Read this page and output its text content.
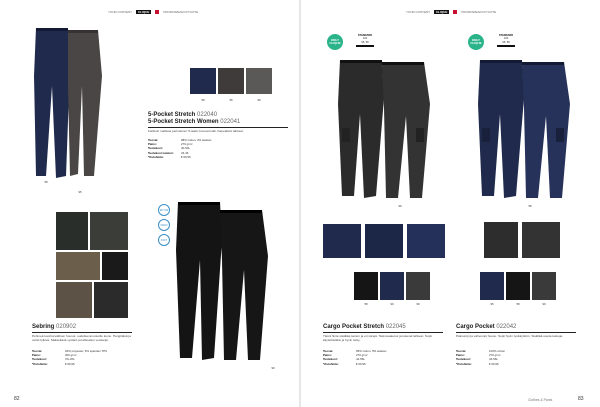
YOUR CONTENT	CLIQUE	PROMOWEAR.FI/TUOTE	YOUR CONTENT	CLIQUE	PROMOWEAR.FI/TUOTE
58
95
58	95	99
5-Pocket Stretch 022040
5-Pocket Stretch Women 022041
Farkkuri mallissa perinteinen 5-tasku housunmalli. Kapeahkot lahkeet.
Tuoste:	98% cotton, 2% elastan
Paino:	270 g/m²
Tuotekoot:	40-50L
Tuotekoot naisten:	34-46
*Ostohinta:	€ 69,95
EN 343
OEKO
SOFT
99
Sebring 020902
Pehmeä kuoriturvallinen housut, uudelleenmuotoiltu kuvio. Hengittävä ja vettä hylkivä. Säädettävä vyötärö ja lahkeiden vetoketju.
Tuoste:	94% polyester, 6% spandex TPU
Paino:	300 g/m²
Tuotekoot:	XS-3XL
*Ostohinta:	€ 99,95
82
ONLY CLIQUE
STANDARD
100
95, 58
ONLY CLIQUE
STANDARD
100
95, 58
99	58
58	99	99	95	58	99
Cargo Pocket Stretch 022045
Tämä hinta sisältää painon ja eri värejä. Taskuvaatetus ja tukevat lahkeet. Sopii käytettäväksi ja hyvin tehty.
Tuoste:	95% cotton, 5% elastan
Paino:	270 g/m²
Tuotekoot:	44-56L
*Ostohinta:	€ 69,95
Cargo Pocket 022042
Paksumpi ja vahvempi housu. Sopii hyvin työkäyttöön. Sisältää useita taskuja.
Tuoste:	100% cotton
Paino:	270 g/m²
Tuotekoot:	44-56L
*Ostohinta:	€ 69,95
Clothes & Pants	83
